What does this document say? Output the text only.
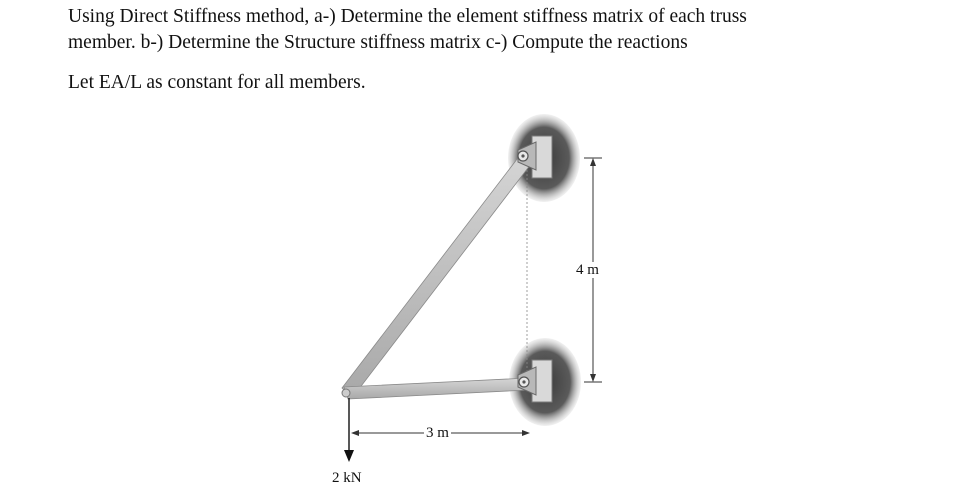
Using Direct Stiffness method, a-) Determine the element stiffness matrix of each truss
member. b-) Determine the Structure stiffness matrix c-) Compute the reactions

Let EA/L as constant for all members.

4 m
3 m
2 kN
